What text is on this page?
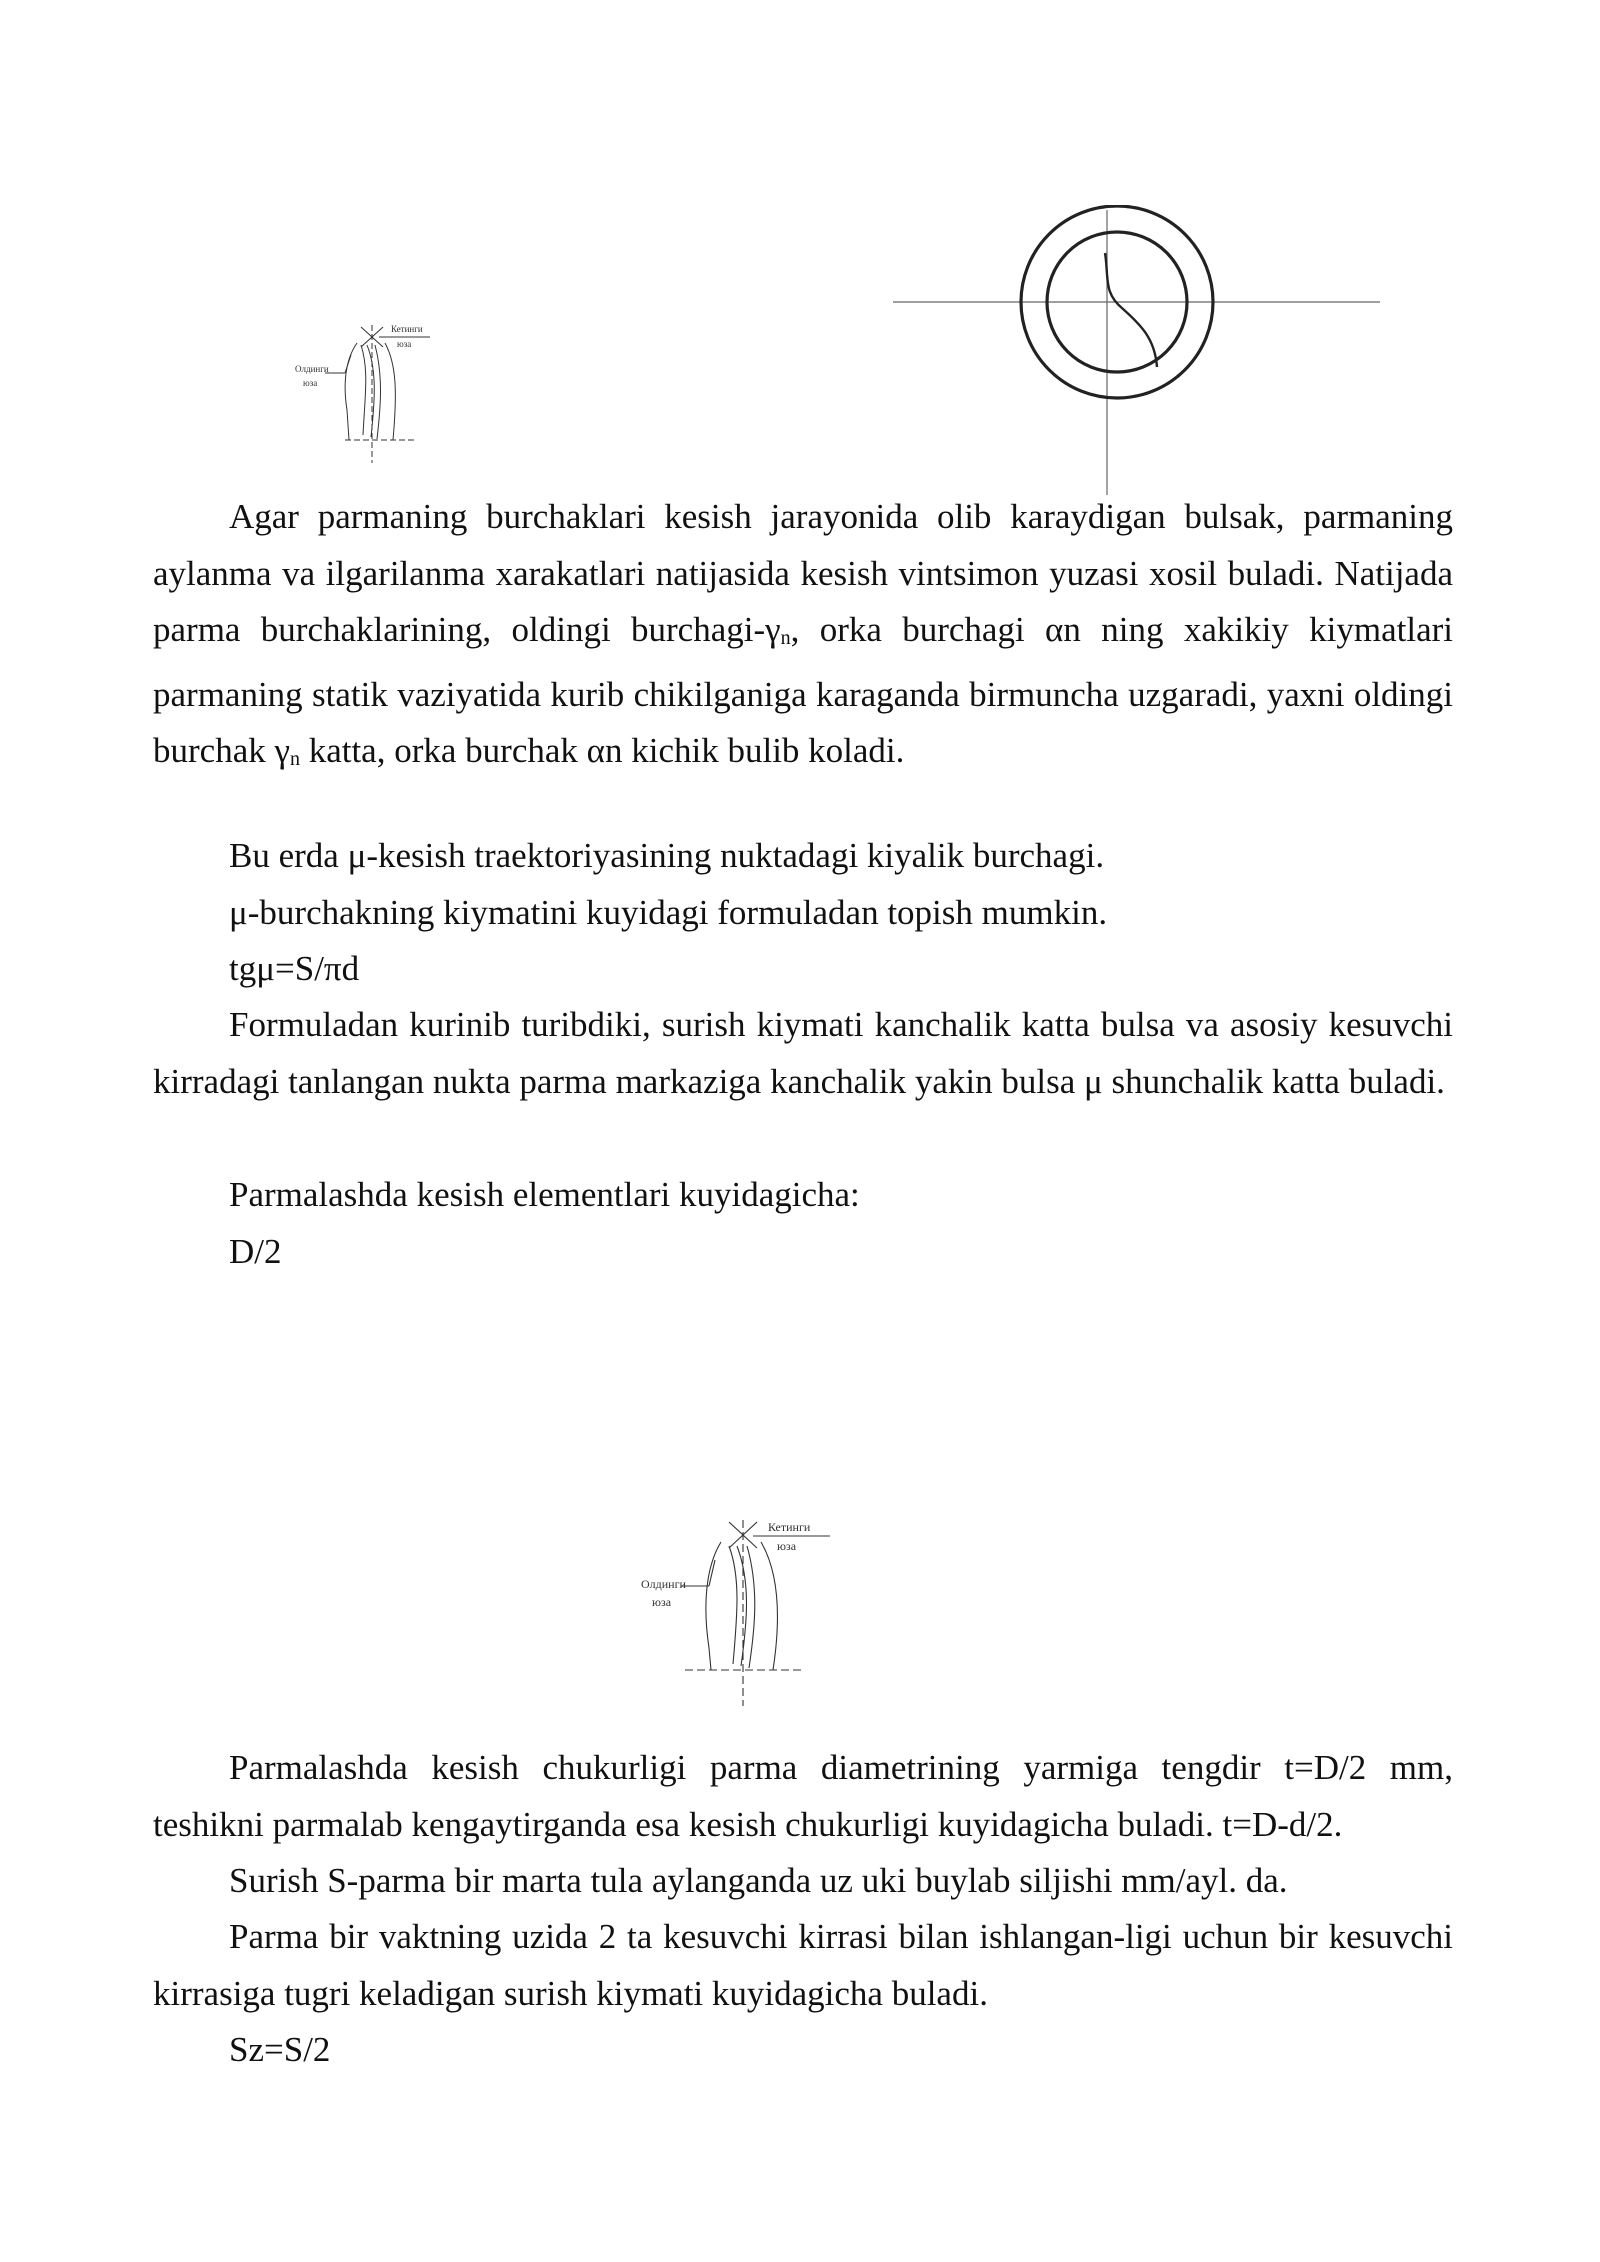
Кетинги
юза
Олдинги
юза
Agar parmaning burchaklari kesish jarayonida olib karaydigan bulsak, parmaning aylanma va ilgarilanma xarakatlari natijasida kesish vintsimon yuzasi xosil buladi. Natijada parma burchaklarining, oldingi burchagi-$\gamma_n$, orka burchagi αn ning xakikiy kiymatlari parmaning statik vaziyatida kurib chikilganiga karaganda birmuncha uzgaradi, yaxni oldingi burchak $\gamma_n$ katta, orka burchak αn kichik bulib koladi.
Bu erda μ-kesish traektoriyasining nuktadagi kiyalik burchagi.
μ-burchakning kiymatini kuyidagi formuladan topish mumkin.
tgμ=S/πd
Formuladan kurinib turibdiki, surish kiymati kanchalik katta bulsa va asosiy kesuvchi kirradagi tanlangan nukta parma markaziga kanchalik yakin bulsa μ shunchalik katta buladi.
Parmalashda kesish elementlari kuyidagicha:
D/2
Кетинги
юза
Олдинги
юза
Parmalashda kesish chukurligi parma diametrining yarmiga tengdir t=D/2 mm, teshikni parmalab kengaytirganda esa kesish chukurligi kuyidagicha buladi. t=D-d/2.
Surish S-parma bir marta tula aylanganda uz uki buylab siljishi mm/ayl. da.
Parma bir vaktning uzida 2 ta kesuvchi kirrasi bilan ishlangan-ligi uchun bir kesuvchi kirrasiga tugri keladigan surish kiymati kuyidagicha buladi.
Sz=S/2
